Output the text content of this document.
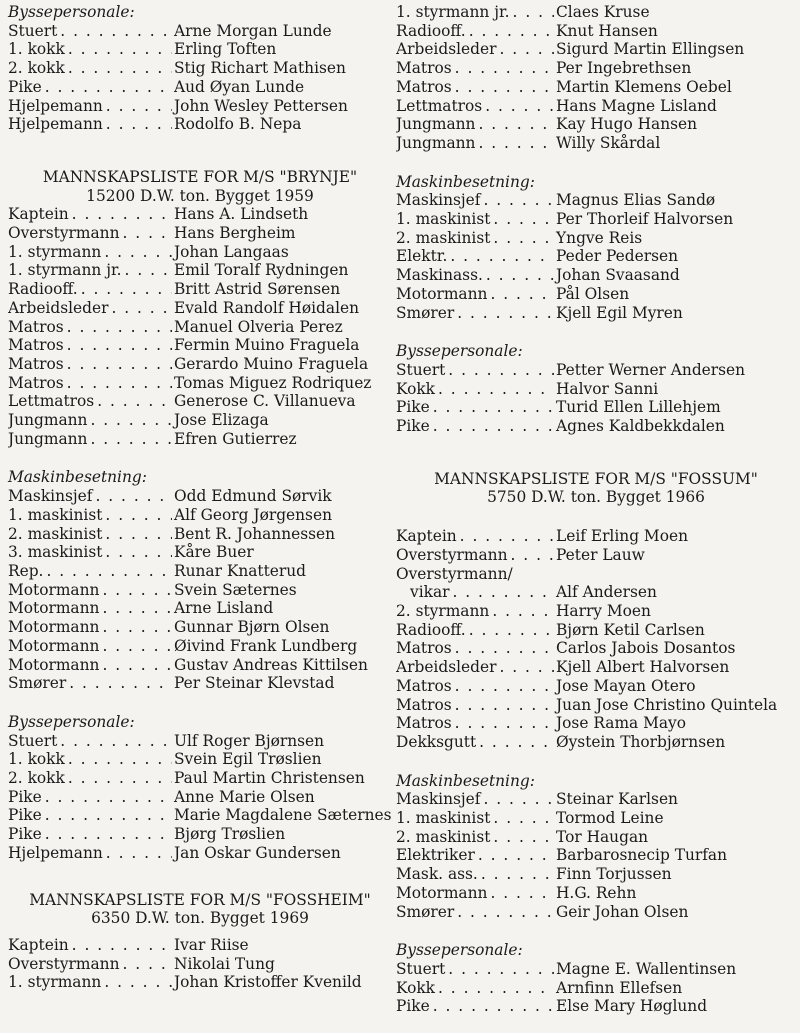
Byssepersonale:
Stuert . . .	Arne Morgan Lunde
1. kokk . . .	Erling Toften
2. kokk . . .	Stig Richart Mathisen
Pike . . .	Aud Øyan Lunde
Hjelpemann . . .	John Wesley Pettersen
Hjelpemann . . .	Rodolfo B. Nepa
MANNSKAPSLISTE FOR M/S "BRYNJE"
15200 D.W. ton. Bygget 1959
Kaptein . . .	Hans A. Lindseth
Overstyrmann . . .	Hans Bergheim
1. styrmann . . .	Johan Langaas
1. styrmann jr. . . .	Emil Toralf Rydningen
Radiooff. . . .	Britt Astrid Sørensen
Arbeidsleder . . .	Evald Randolf Høidalen
Matros . . .	Manuel Olveria Perez
Matros . . .	Fermin Muino Fraguela
Matros . . .	Gerardo Muino Fraguela
Matros . . .	Tomas Miguez Rodriquez
Lettmatros . . .	Generose C. Villanueva
Jungmann . . .	Jose Elizaga
Jungmann . . .	Efren Gutierrez
Maskinbesetning:
Maskinsjef . . .	Odd Edmund Sørvik
1. maskinist . . .	Alf Georg Jørgensen
2. maskinist . . .	Bent R. Johannessen
3. maskinist . . .	Kåre Buer
Rep. . . .	Runar Knatterud
Motormann . . .	Svein Sæternes
Motormann . . .	Arne Lisland
Motormann . . .	Gunnar Bjørn Olsen
Motormann . . .	Øivind Frank Lundberg
Motormann . . .	Gustav Andreas Kittilsen
Smører . . .	Per Steinar Klevstad
Byssepersonale:
Stuert . . .	Ulf Roger Bjørnsen
1. kokk . . .	Svein Egil Trøslien
2. kokk . . .	Paul Martin Christensen
Pike . . .	Anne Marie Olsen
Pike . . .	Marie Magdalene Sæternes
Pike . . .	Bjørg Trøslien
Hjelpemann . . .	Jan Oskar Gundersen
MANNSKAPSLISTE FOR M/S "FOSSHEIM"
6350 D.W. ton. Bygget 1969
Kaptein . . .	Ivar Riise
Overstyrmann . . .	Nikolai Tung
1. styrmann . . .	Johan Kristoffer Kvenild
1. styrmann jr. . . .	Claes Kruse
Radiooff. . . .	Knut Hansen
Arbeidsleder . . .	Sigurd Martin Ellingsen
Matros . . .	Per Ingebrethsen
Matros . . .	Martin Klemens Oebel
Lettmatros . . .	Hans Magne Lisland
Jungmann . . .	Kay Hugo Hansen
Jungmann . . .	Willy Skårdal
Maskinbesetning:
Maskinsjef . . .	Magnus Elias Sandø
1. maskinist . . .	Per Thorleif Halvorsen
2. maskinist . . .	Yngve Reis
Elektr. . . .	Peder Pedersen
Maskinass. . . .	Johan Svaasand
Motormann . . .	Pål Olsen
Smører . . .	Kjell Egil Myren
Byssepersonale:
Stuert . . .	Petter Werner Andersen
Kokk . . .	Halvor Sanni
Pike . . .	Turid Ellen Lillehjem
Pike . . .	Agnes Kaldbekkdalen
MANNSKAPSLISTE FOR M/S "FOSSUM"
5750 D.W. ton. Bygget 1966
Kaptein . . .	Leif Erling Moen
Overstyrmann . . .	Peter Lauw
Overstyrmann/
vikar . . .	Alf Andersen
2. styrmann . . .	Harry Moen
Radiooff. . . .	Bjørn Ketil Carlsen
Matros . . .	Carlos Jabois Dosantos
Arbeidsleder . . .	Kjell Albert Halvorsen
Matros . . .	Jose Mayan Otero
Matros . . .	Juan Jose Christino Quintela
Matros . . .	Jose Rama Mayo
Dekksgutt . . .	Øystein Thorbjørnsen
Maskinbesetning:
Maskinsjef . . .	Steinar Karlsen
1. maskinist . . .	Tormod Leine
2. maskinist . . .	Tor Haugan
Elektriker . . .	Barbarosnecip Turfan
Mask. ass. . . .	Finn Torjussen
Motormann . . .	H.G. Rehn
Smører . . .	Geir Johan Olsen
Byssepersonale:
Stuert . . .	Magne E. Wallentinsen
Kokk . . .	Arnfinn Ellefsen
Pike . . .	Else Mary Høglund
